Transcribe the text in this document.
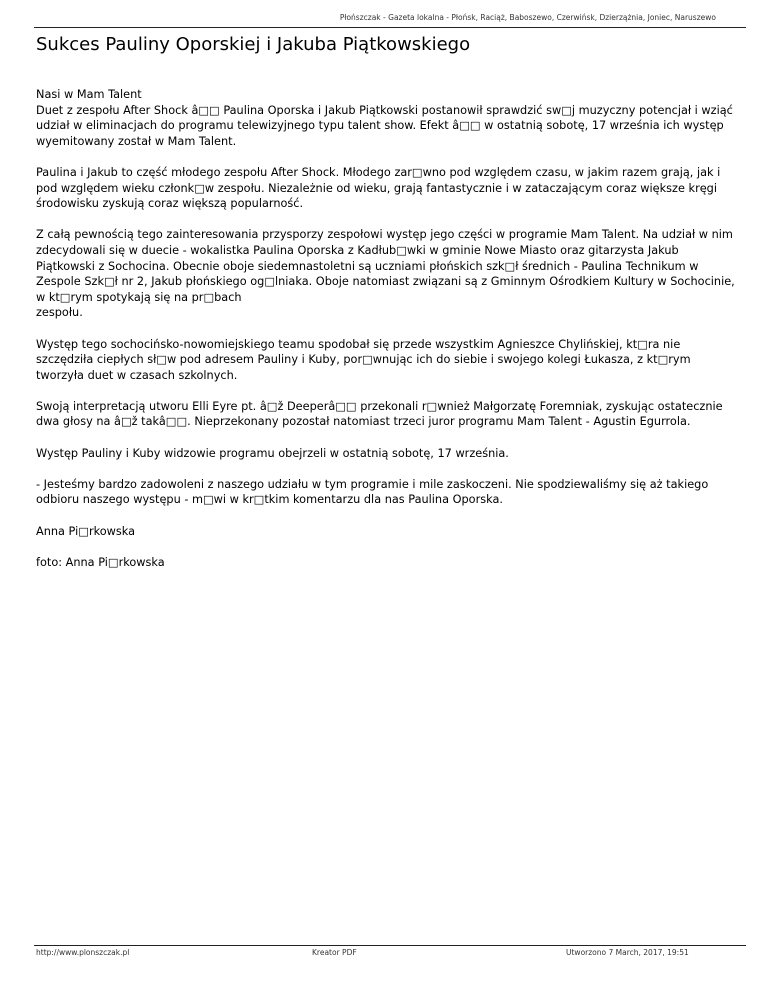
Płońszczak - Gazeta lokalna - Płońsk, Raciąż, Baboszewo, Czerwińsk, Dzierzążnia, Joniec, Naruszewo
Sukces Pauliny Oporskiej i Jakuba Piątkowskiego

Nasi w Mam Talent
Duet z zespołu After Shock â□□ Paulina Oporska i Jakub Piątkowski postanowił sprawdzić sw□j muzyczny potencjał i wziąć udział w eliminacjach do programu telewizyjnego typu talent show. Efekt â□□ w ostatnią sobotę, 17 września ich występ wyemitowany został w Mam Talent.

Paulina i Jakub to część młodego zespołu After Shock. Młodego zar□wno pod względem czasu, w jakim razem grają, jak i pod względem wieku członk□w zespołu. Niezależnie od wieku, grają fantastycznie i w zataczającym coraz większe kręgi środowisku zyskują coraz większą popularność.

Z całą pewnością tego zainteresowania przysporzy zespołowi występ jego części w programie Mam Talent. Na udział w nim zdecydowali się w duecie - wokalistka Paulina Oporska z Kadłub□wki w gminie Nowe Miasto oraz gitarzysta Jakub Piątkowski z Sochocina. Obecnie oboje siedemnastoletni są uczniami płońskich szk□ł średnich - Paulina Technikum w Zespole Szk□ł nr 2, Jakub płońskiego og□lniaka. Oboje natomiast związani są z Gminnym Ośrodkiem Kultury w Sochocinie, w kt□rym spotykają się na pr□bach
zespołu.

Występ tego sochocińsko-nowomiejskiego teamu spodobał się przede wszystkim Agnieszce Chylińskiej, kt□ra nie szczędziła ciepłych sł□w pod adresem Pauliny i Kuby, por□wnując ich do siebie i swojego kolegi Łukasza, z kt□rym tworzyła duet w czasach szkolnych.

Swoją interpretacją utworu Elli Eyre pt. â□ž Deeperâ□□ przekonali r□wnież Małgorzatę Foremniak, zyskując ostatecznie dwa głosy na â□ž takâ□□. Nieprzekonany pozostał natomiast trzeci juror programu Mam Talent - Agustin Egurrola.

Występ Pauliny i Kuby widzowie programu obejrzeli w ostatnią sobotę, 17 września.

- Jesteśmy bardzo zadowoleni z naszego udziału w tym programie i mile zaskoczeni. Nie spodziewaliśmy się aż takiego odbioru naszego występu - m□wi w kr□tkim komentarzu dla nas Paulina Oporska.

Anna Pi□rkowska

foto: Anna Pi□rkowska

http://www.plonszczak.pl	Kreator PDF	Utworzono 7 March, 2017, 19:51
